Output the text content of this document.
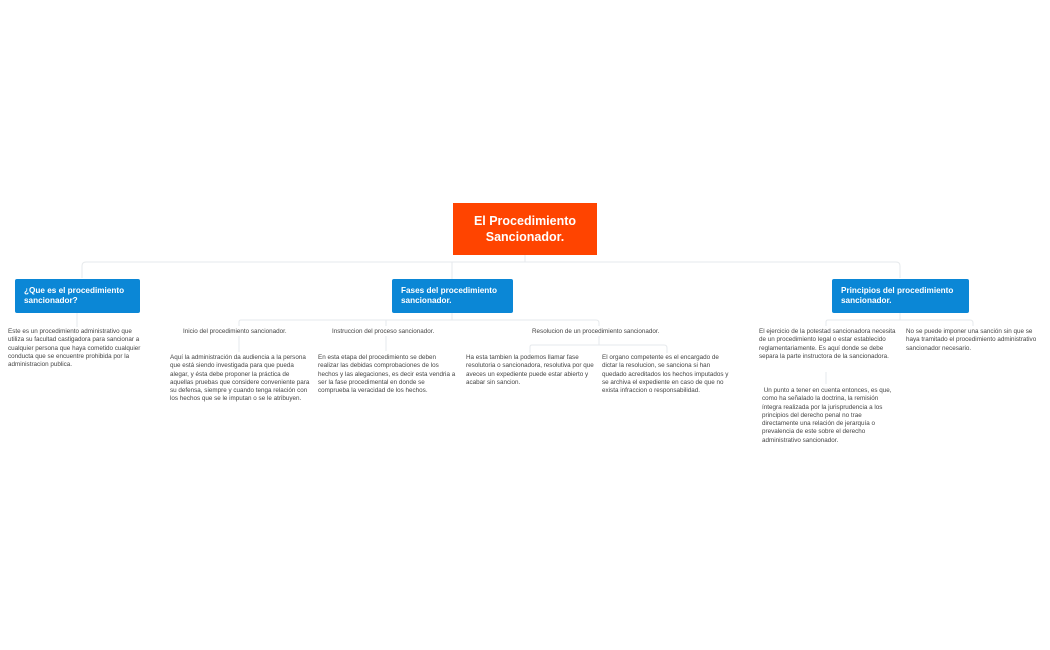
El Procedimiento Sancionador.
¿Que es el procedimiento sancionador?
Este es un procedimiento administrativo que utiliza su facultad castigadora para sancionar a cualquier persona que haya cometido cualquier conducta que se encuentre prohibida por la administracion publica.
Fases del procedimiento sancionador.
Inicio del procedimiento sancionador.
Aquí la administración da audiencia a la persona que está siendo investigada para que pueda alegar, y ésta debe proponer la práctica de aquellas pruebas que considere conveniente para su defensa, siempre y cuando tenga relación con los hechos que se le imputan o se le atribuyen.
Instruccion del proceso sancionador.
En esta etapa del procedimiento se deben realizar las debidas comprobaciones de los hechos y las alegaciones, es decir esta vendria a ser la fase procedimental en donde se comprueba la veracidad de los hechos.
Resolucion de un procedimiento sancionador.
Ha esta tambien la podemos llamar fase resolutoria o sancionadora, resolutiva por que aveces un expediente puede estar abierto y acabar sin sancion.
El organo competente es el encargado de dictar la resolucion, se sanciona si han quedado acreditados los hechos imputados y se archiva el expediente en caso de que no exista infraccion o responsabilidad.
Principios del procedimiento sancionador.
El ejercicio de la potestad sancionadora necesita de un procedimiento legal o estar establecido reglamentariamente. Es aquí donde se debe separa la parte instructora de la sancionadora.
Un punto a tener en cuenta entonces, es que, como ha señalado la doctrina, la remisión íntegra realizada por la jurisprudencia a los principios del derecho penal no trae directamente una relación de jerarquía o prevalencia de este sobre el derecho administrativo sancionador.
No se puede imponer una sanción sin que se haya tramitado el procedimiento administrativo sancionador necesario.
